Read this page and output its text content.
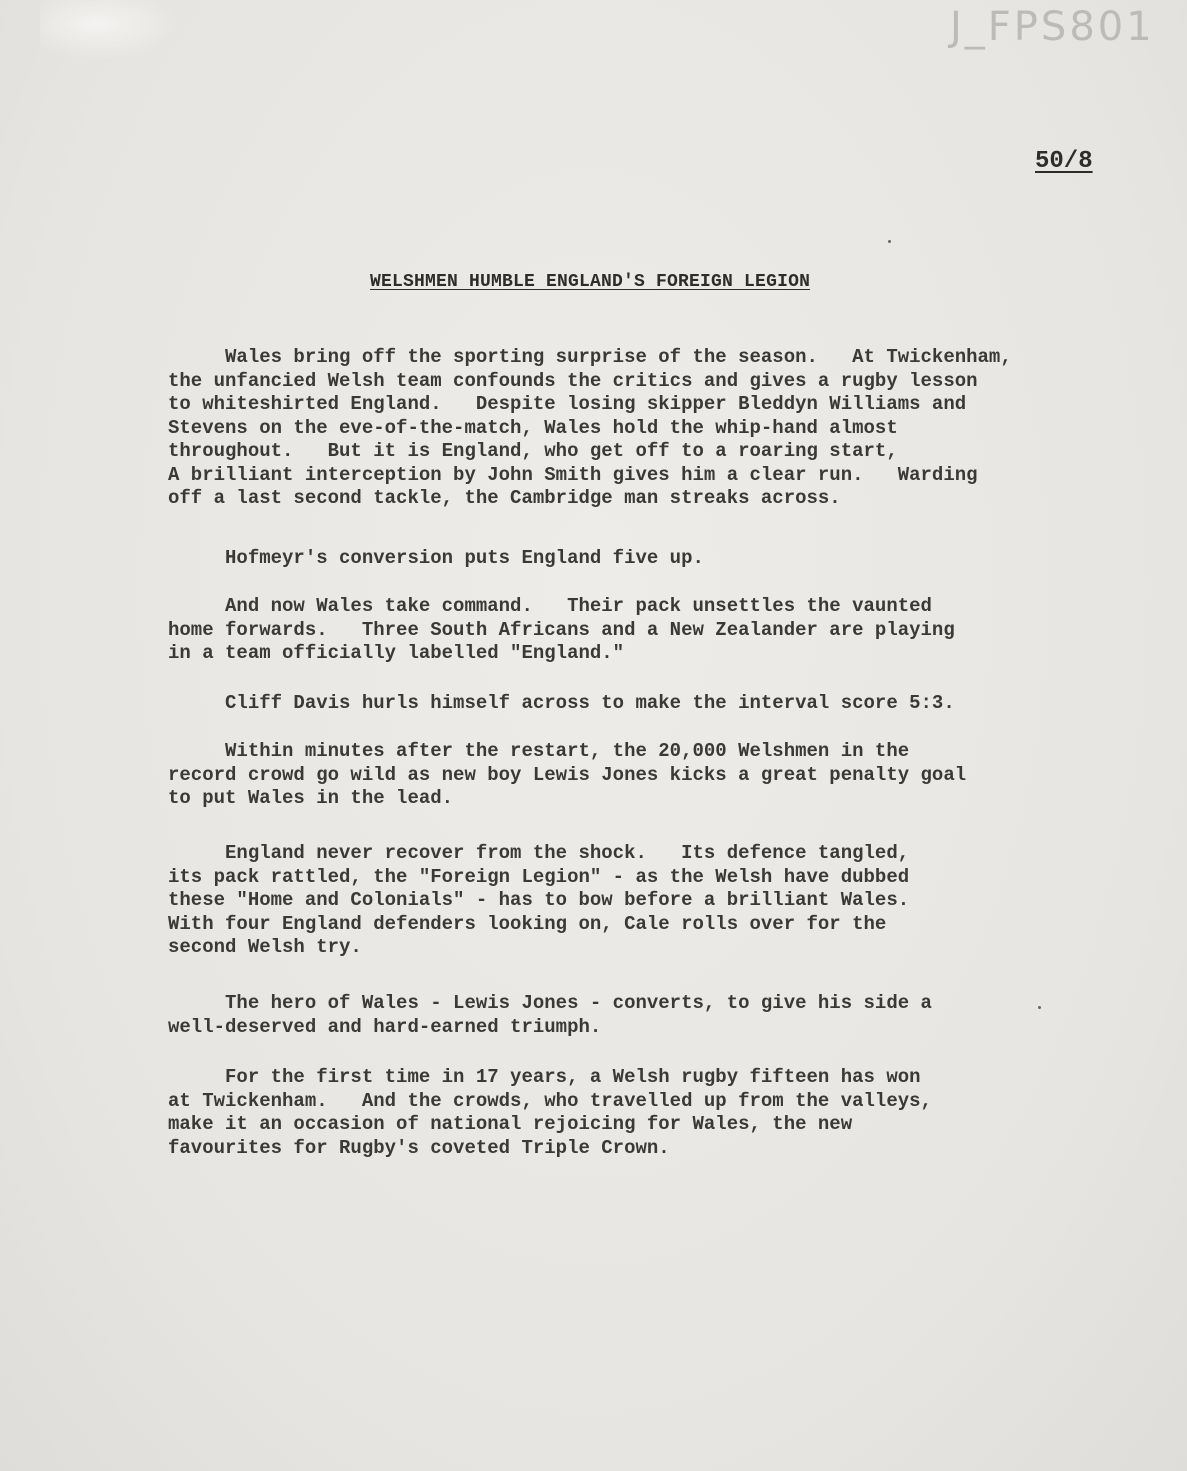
J_FPS801
50/8
WELSHMEN HUMBLE ENGLAND'S FOREIGN LEGION
Wales bring off the sporting surprise of the season.   At Twickenham,
the unfancied Welsh team confounds the critics and gives a rugby lesson
to whiteshirted England.   Despite losing skipper Bleddyn Williams and
Stevens on the eve-of-the-match, Wales hold the whip-hand almost
throughout.   But it is England, who get off to a roaring start,
A brilliant interception by John Smith gives him a clear run.   Warding
off a last second tackle, the Cambridge man streaks across.
Hofmeyr's conversion puts England five up.
And now Wales take command.   Their pack unsettles the vaunted
home forwards.   Three South Africans and a New Zealander are playing
in a team officially labelled "England."
Cliff Davis hurls himself across to make the interval score 5:3.
Within minutes after the restart, the 20,000 Welshmen in the
record crowd go wild as new boy Lewis Jones kicks a great penalty goal
to put Wales in the lead.
England never recover from the shock.   Its defence tangled,
its pack rattled, the "Foreign Legion" - as the Welsh have dubbed
these "Home and Colonials" - has to bow before a brilliant Wales.
With four England defenders looking on, Cale rolls over for the
second Welsh try.
The hero of Wales - Lewis Jones - converts, to give his side a
well-deserved and hard-earned triumph.
For the first time in 17 years, a Welsh rugby fifteen has won
at Twickenham.   And the crowds, who travelled up from the valleys,
make it an occasion of national rejoicing for Wales, the new
favourites for Rugby's coveted Triple Crown.
